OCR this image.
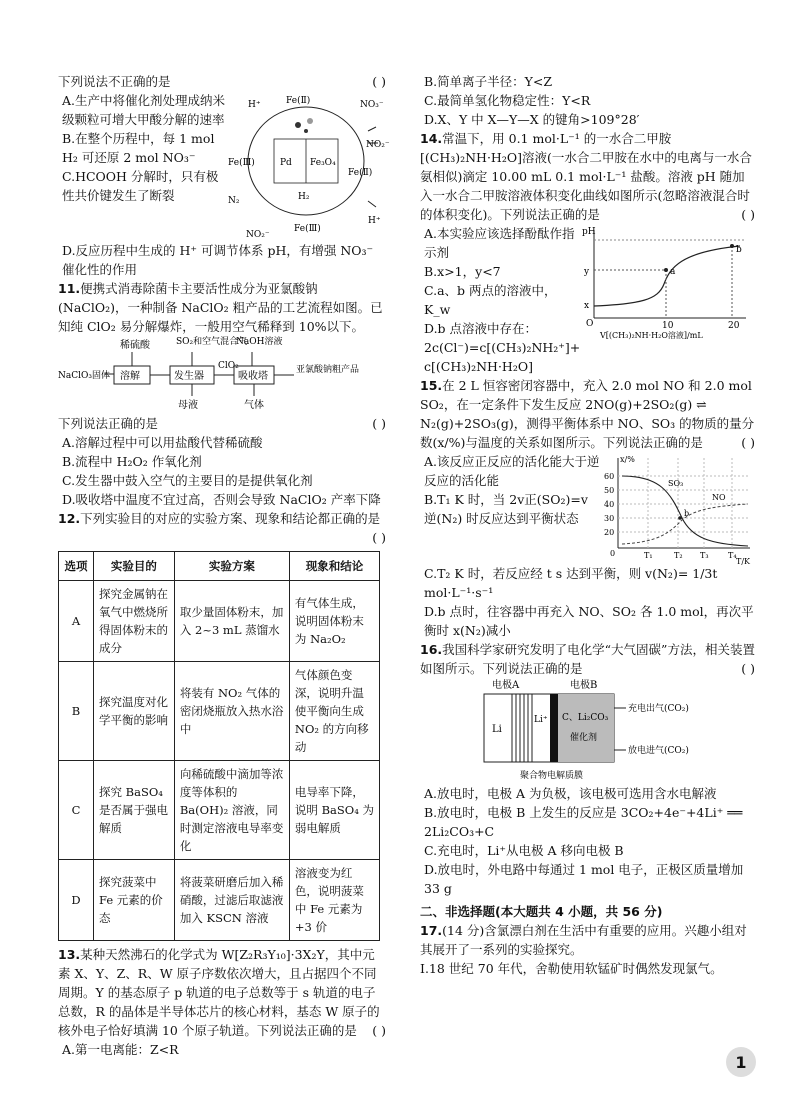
下列说法不正确的是	( )

A.生产中将催化剂处理成纳米级颗粒可增大甲酸分解的速率

B.在整个历程中，每 1 mol H₂ 可还原 2 mol NO₃⁻

C.HCOOH 分解时，只有极性共价键发生了断裂

H⁺	Fe(Ⅱ)	NO₃⁻
NO₂⁻
Fe(Ⅲ)	Pd Fe₃O₄
Fe(Ⅱ)
N₂	H₂
NO₂⁻
Fe(Ⅲ)
H⁺

D.反应历程中生成的 H⁺ 可调节体系 pH，有增强 NO₃⁻ 催化性的作用

11.便携式消毒除菌卡主要活性成分为亚氯酸钠(NaClO₂)，一种制备 NaClO₂ 粗产品的工艺流程如图。已知纯 ClO₂ 易分解爆炸，一般用空气稀释到 10%以下。

稀硫酸	SO₂和空气混合气
NaOH溶液
NaClO₃固体 溶解	发生器
ClO₂
吸收塔
亚氯酸钠粗产品
母液	气体

下列说法正确的是	( )

A.溶解过程中可以用盐酸代替稀硫酸

B.流程中 H₂O₂ 作氧化剂

C.发生器中鼓入空气的主要目的是提供氧化剂

D.吸收塔中温度不宜过高，否则会导致 NaClO₂ 产率下降

12.下列实验目的对应的实验方案、现象和结论都正确的是

( )

选项	实验目的	实验方案	现象和结论
A	探究金属钠在氧气中燃烧所得固体粉末的成分	取少量固体粉末，加入 2~3 mL 蒸馏水	有气体生成，说明固体粉末为 Na₂O₂
B	探究温度对化学平衡的影响	将装有 NO₂ 气体的密闭烧瓶放入热水浴中	气体颜色变深，说明升温使平衡向生成 NO₂ 的方向移动
C	探究 BaSO₄ 是否属于强电解质	向稀硫酸中滴加等浓度等体积的 Ba(OH)₂ 溶液，同时测定溶液电导率变化	电导率下降，说明 BaSO₄ 为弱电解质
D	探究菠菜中 Fe 元素的价态	将菠菜研磨后加入稀硝酸，过滤后取滤液加入 KSCN 溶液	溶液变为红色，说明菠菜中 Fe 元素为 +3 价

13.某种天然沸石的化学式为 W[Z₂R₃Y₁₀]·3X₂Y，其中元素 X、Y、Z、R、W 原子序数依次增大，且占据四个不同周期。Y 的基态原子 p 轨道的电子总数等于 s 轨道的电子总数，R 的晶体是半导体芯片的核心材料，基态 W 原子的核外电子恰好填满 10 个原子轨道。下列说法正确的是 ( )

A.第一电离能：Z<R

B.简单离子半径：Y<Z

C.最简单氢化物稳定性：Y<R

D.X、Y 中 X—Y—X 的键角>109°28′

14.常温下，用 0.1 mol·L⁻¹ 的一水合二甲胺[(CH₃)₂NH·H₂O]溶液(一水合二甲胺在水中的电离与一水合氨相似)滴定 10.00 mL 0.1 mol·L⁻¹ 盐酸。溶液 pH 随加入一水合二甲胺溶液体积变化曲线如图所示(忽略溶液混合时的体积变化)。下列说法正确的是	( )

A.本实验应该选择酚酞作指示剂

B.x>1，y<7

C.a、b 两点的溶液中，K_w

D.b 点溶液中存在：

2c(Cl⁻)=c[(CH₃)₂NH₂⁺]+

c[(CH₃)₂NH·H₂O]

pH
y
x
O	10	20
a
b
V[(CH₃)₂NH·H₂O溶液]/mL

15.在 2 L 恒容密闭容器中，充入 2.0 mol NO 和 2.0 mol SO₂，在一定条件下发生反应 2NO(g)+2SO₂(g) ⇌ N₂(g)+2SO₃(g)，测得平衡体系中 NO、SO₃ 的物质的量分数(x/%)与温度的关系如图所示。下列说法正确的是	( )

A.该反应正反应的活化能大于逆反应的活化能

B.T₁ K 时，当 2v正(SO₂)=v逆(N₂) 时反应达到平衡状态

x/%
60
50
40
30
20
0
SO₃
NO
b
T₁	T₂ T₃ T₄
T/K

C.T₂ K 时，若反应经 t s 达到平衡，则 v(N₂)= 1/3t mol·L⁻¹·s⁻¹

D.b 点时，往容器中再充入 NO、SO₂ 各 1.0 mol，再次平衡时 x(N₂)减小

16.我国科学家研究发明了电化学“大气固碳”方法，相关装置如图所示。下列说法正确的是	( )

电极A	电极B
Li
Li⁺ C、Li₂CO₃
催化剂
充电出气(CO₂)
放电进气(CO₂)
聚合物电解质膜

A.放电时，电极 A 为负极，该电极可选用含水电解液

B.放电时，电极 B 上发生的反应是 3CO₂+4e⁻+4Li⁺ ══ 2Li₂CO₃+C

C.充电时，Li⁺从电极 A 移向电极 B

D.放电时，外电路中每通过 1 mol 电子，正极区质量增加 33 g

二、非选择题(本大题共 4 小题，共 56 分)

17.(14 分)含氯漂白剂在生活中有重要的应用。兴趣小组对其展开了一系列的实验探究。

Ⅰ.18 世纪 70 年代，舍勒使用软锰矿时偶然发现氯气。

1
